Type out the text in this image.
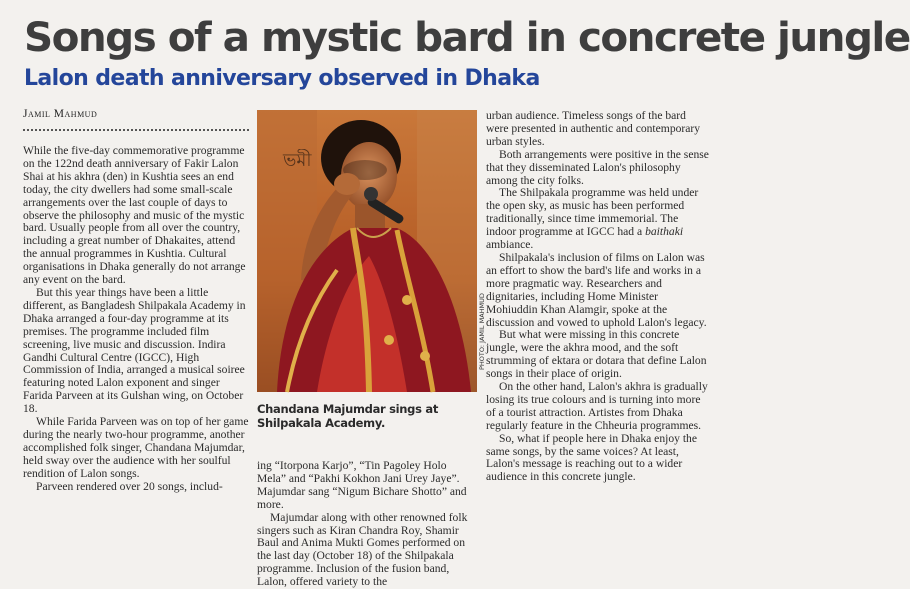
Songs of a mystic bard in concrete jungle
Lalon death anniversary observed in Dhaka
Jamil Mahmud

While the five-day commemorative programme on the 122nd death anniversary of Fakir Lalon Shai at his akhra (den) in Kushtia sees an end today, the city dwellers had some small-scale arrangements over the last couple of days to observe the philosophy and music of the mystic bard. Usually people from all over the country, including a great number of Dhakaites, attend the annual programmes in Kushtia. Cultural organisations in Dhaka generally do not arrange any event on the bard.

But this year things have been a little different, as Bangladesh Shilpakala Academy in Dhaka arranged a four-day programme at its premises. The programme included film screening, live music and discussion. Indira Gandhi Cultural Centre (IGCC), High Commission of India, arranged a musical soiree featuring noted Lalon exponent and singer Farida Parveen at its Gulshan wing, on October 18.

While Farida Parveen was on top of her game during the nearly two-hour programme, another accomplished folk singer, Chandana Majumdar, held sway over the audience with her soulful rendition of Lalon songs.

Parveen rendered over 20 songs, includ-

ভমী
PHOTO: JAMIL MAHMUD
Chandana Majumdar sings at Shilpakala Academy.

ing “Itorpona Karjo”, “Tin Pagoley Holo Mela” and “Pakhi Kokhon Jani Urey Jaye”. Majumdar sang “Nigum Bichare Shotto” and more.

Majumdar along with other renowned folk singers such as Kiran Chandra Roy, Shamir Baul and Anima Mukti Gomes performed on the last day (October 18) of the Shilpakala programme. Inclusion of the fusion band, Lalon, offered variety to the

urban audience. Timeless songs of the bard were presented in authentic and contemporary urban styles.

Both arrangements were positive in the sense that they disseminated Lalon's philosophy among the city folks.

The Shilpakala programme was held under the open sky, as music has been performed traditionally, since time immemorial. The indoor programme at IGCC had a baithaki ambiance.

Shilpakala's inclusion of films on Lalon was an effort to show the bard's life and works in a more pragmatic way. Researchers and dignitaries, including Home Minister Mohiuddin Khan Alamgir, spoke at the discussion and vowed to uphold Lalon's legacy.

But what were missing in this concrete jungle, were the akhra mood, and the soft strumming of ektara or dotara that define Lalon songs in their place of origin.

On the other hand, Lalon's akhra is gradually losing its true colours and is turning into more of a tourist attraction. Artistes from Dhaka regularly feature in the Chheuria programmes.

So, what if people here in Dhaka enjoy the same songs, by the same voices? At least, Lalon's message is reaching out to a wider audience in this concrete jungle.
